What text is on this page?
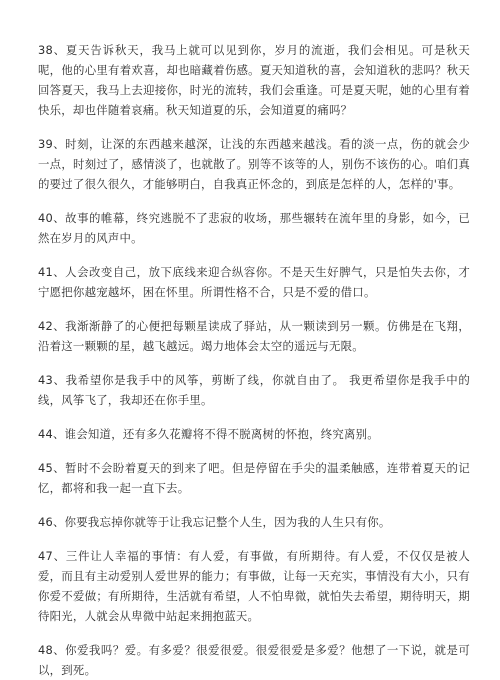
38、夏天告诉秋天，我马上就可以见到你，岁月的流逝，我们会相见。可是秋天呢，他的心里有着欢喜，却也暗藏着伤感。夏天知道秋的喜，会知道秋的悲吗？秋天回答夏天，我马上去迎接你，时光的流转，我们会重逢。可是夏天呢，她的心里有着快乐，却也伴随着哀痛。秋天知道夏的乐，会知道夏的痛吗？

39、时刻，让深的东西越来越深，让浅的东西越来越浅。看的淡一点，伤的就会少一点，时刻过了，感情淡了，也就散了。别等不该等的人，别伤不该伤的心。咱们真的要过了很久很久，才能够明白，自我真正怀念的，到底是怎样的人，怎样的'事。

40、故事的帷幕，终究逃脱不了悲寂的收场，那些辗转在流年里的身影，如今，已然在岁月的风声中。

41、人会改变自己，放下底线来迎合纵容你。不是天生好脾气，只是怕失去你，才宁愿把你越宠越坏，困在怀里。所谓性格不合，只是不爱的借口。

42、我渐渐静了的心便把每颗星读成了驿站，从一颗读到另一颗。仿佛是在飞翔，沿着这一颗颗的星，越飞越远。竭力地体会太空的遥远与无限。

43、我希望你是我手中的风筝，剪断了线，你就自由了。 我更希望你是我手中的线，风筝飞了，我却还在你手里。

44、谁会知道，还有多久花瓣将不得不脱离树的怀抱，终究离别。

45、暂时不会盼着夏天的到来了吧。但是停留在手尖的温柔触感，连带着夏天的记忆，都将和我一起一直下去。

46、你要我忘掉你就等于让我忘记整个人生，因为我的人生只有你。

47、三件让人幸福的事情：有人爱，有事做，有所期待。有人爱，不仅仅是被人爱，而且有主动爱别人爱世界的能力；有事做，让每一天充实，事情没有大小，只有你爱不爱做；有所期待，生活就有希望，人不怕卑微，就怕失去希望，期待明天，期待阳光，人就会从卑微中站起来拥抱蓝天。

48、你爱我吗？爱。有多爱？很爱很爱。很爱很爱是多爱？他想了一下说，就是可以，到死。
